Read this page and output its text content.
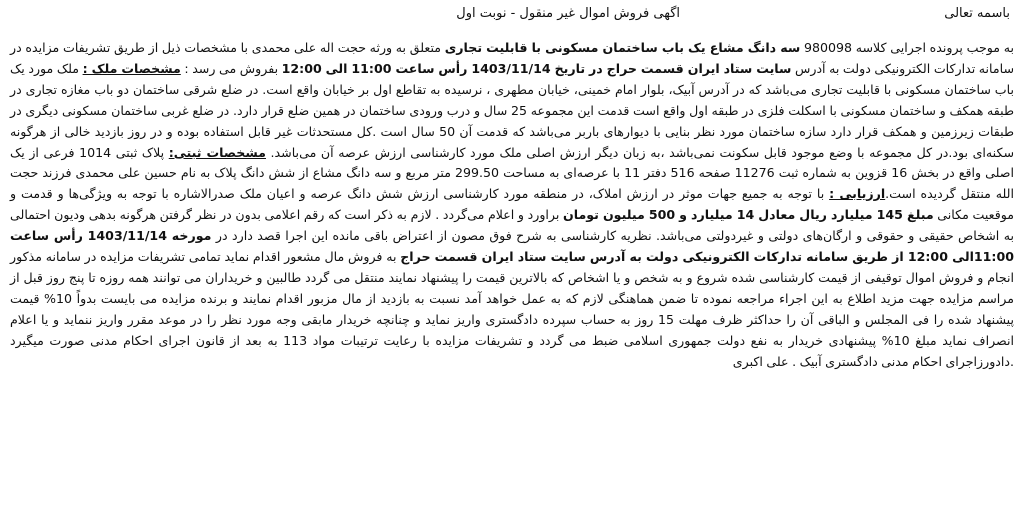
باسمه تعالی
اگهی فروش اموال غیر منقول - نوبت اول
به موجب پرونده اجرایی کلاسه 980098 سه دانگ مشاع یک باب ساختمان مسکونی با قابلیت تجاری متعلق به ورثه حجت اله علی محمدی با مشخصات ذیل از طریق تشریفات مزایده در سامانه تدارکات الکترونیکی دولت به آدرس سایت ستاد ایران قسمت حراج در تاریخ 1403/11/14 رأس ساعت 11:00 الی 12:00 بفروش می رسد : مشخصات ملک : ملک مورد یک باب ساختمان مسکونی با قابلیت تجاری می‌باشد که در آدرس آبیک، بلوار امام خمینی، خیابان مطهری ، نرسیده به تقاطع اول بر خیابان واقع است. در ضلع شرقی ساختمان دو باب مغازه تجاری در طبقه همکف و ساختمان مسکونی با اسکلت فلزی در طبقه اول واقع است قدمت این مجموعه 25 سال و درب ورودی ساختمان در همین ضلع قرار دارد. در ضلع غربی ساختمان مسکونی دیگری در طبقات زیرزمین و همکف قرار دارد سازه ساختمان مورد نظر بنایی با دیوارهای باربر می‌باشد که قدمت آن 50 سال است .کل مستحدثات غیر قابل استفاده بوده و در روز بازدید خالی از هرگونه سکنه‌ای بود.در کل مجموعه با وضع موجود قابل سکونت نمی‌باشد ،به زبان دیگر ارزش اصلی ملک مورد کارشناسی ارزش عرصه آن می‌باشد. مشخصات ثبتی: پلاک ثبتی 1014 فرعی از یک اصلی واقع در بخش 16 قزوین به شماره ثبت 11276 صفحه 516 دفتر 11 با عرصه‌ای به مساحت 299.50 متر مربع و سه دانگ مشاع از شش دانگ پلاک به نام حسین علی محمدی فرزند حجت الله منتقل گردیده است.ارزیابی : با توجه به جمیع جهات موثر در ارزش املاک، در منطقه مورد کارشناسی ارزش شش دانگ عرصه و اعیان ملک صدرالاشاره با توجه به ویژگی‌ها و قدمت و موقعیت مکانی مبلغ 145 میلیارد ریال معادل 14 میلیارد و 500 میلیون تومان براورد و اعلام می‌گردد . لازم به ذکر است که رقم اعلامی بدون در نظر گرفتن هرگونه بدهی ودیون احتمالی به اشخاص حقیقی و حقوقی و ارگان‌های دولتی و غیردولتی می‌باشد. نظریه کارشناسی به شرح فوق مصون از اعتراض باقی مانده این اجرا قصد دارد در مورخه 1403/11/14 رأس ساعت 11:00الی 12:00 از طریق سامانه تدارکات الکترونیکی دولت به آدرس سایت ستاد ایران قسمت حراج به فروش مال مشعور اقدام نماید تمامی تشریفات مزایده در سامانه مذکور انجام و فروش اموال توقیفی از قیمت کارشناسی شده شروع و به شخص و یا اشخاص که بالاترین قیمت را پیشنهاد نمایند منتقل می گردد طالبین و خریداران می توانند همه روزه تا پنج روز قبل از مراسم مزایده جهت مزید اطلاع به این اجراء مراجعه نموده تا ضمن هماهنگی لازم که به عمل خواهد آمد نسبت به بازدید از مال مزبور اقدام نمایند و برنده مزایده می بایست بدواً 10% قیمت پیشنهاد شده را فی المجلس و الباقی آن را حداکثر ظرف مهلت 15 روز به حساب سپرده دادگستری واریز نماید و چنانچه خریدار مابقی وجه مورد نظر را در موعد مقرر واریز ننماید و یا اعلام انصراف نماید مبلغ 10% پیشنهادی خریدار به نفع دولت جمهوری اسلامی ضبط می گردد و تشریفات مزایده با رعایت ترتیبات مواد 113 به بعد از قانون اجرای احکام مدنی صورت میگیرد .دادورزاجرای احکام مدنی دادگستری آبیک . علی اکبری
